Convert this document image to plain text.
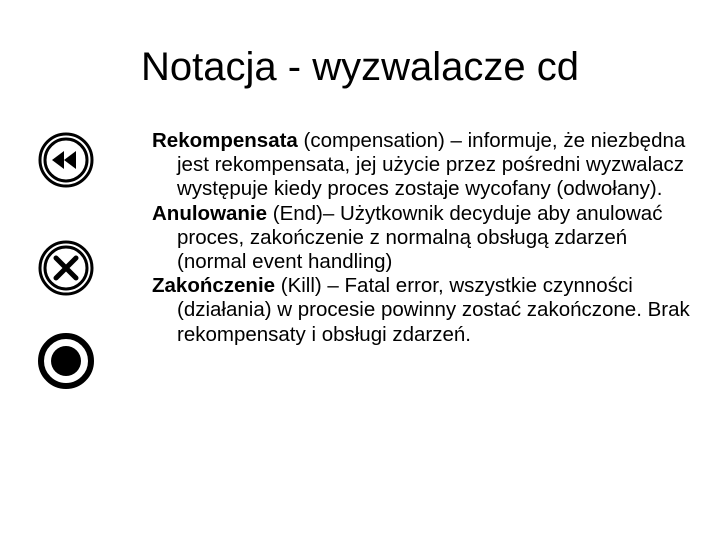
Notacja - wyzwalacze cd

Rekompensata (compensation) – informuje, że niezbędna jest rekompensata, jej użycie przez pośredni wyzwalacz występuje kiedy proces zostaje wycofany (odwołany).

Anulowanie (End)– Użytkownik decyduje aby anulować proces, zakończenie z normalną obsługą zdarzeń (normal event handling)

Zakończenie (Kill) – Fatal error, wszystkie czynności (działania) w procesie powinny zostać zakończone. Brak rekompensaty i obsługi zdarzeń.
